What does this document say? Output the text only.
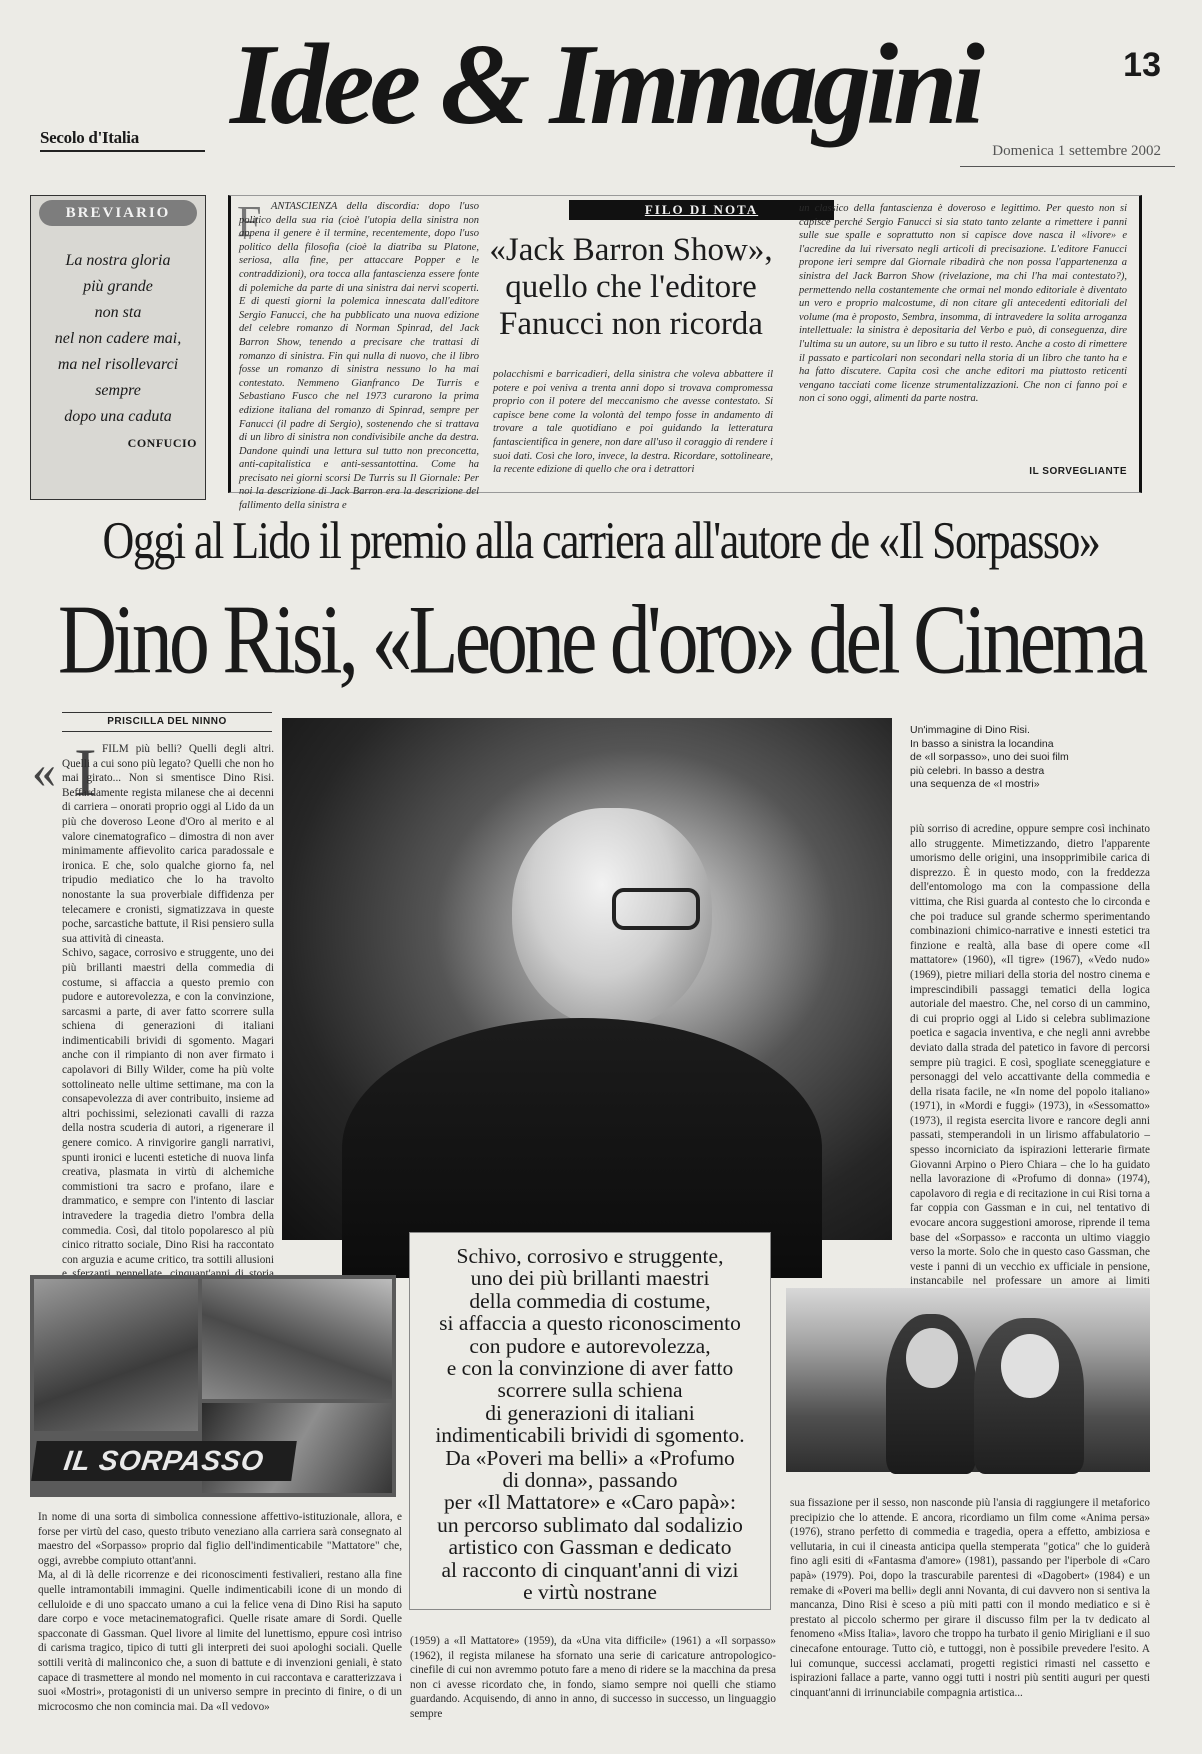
Secolo d'Italia Idee & Immagini	13
Domenica 1 settembre 2002
BREVIARIO
La nostra gloria
più grande
non sta
nel non cadere mai,
ma nel risollevarci
sempre
dopo una caduta
CONFUCIO
F ANTASCIENZA della discordia: dopo l'uso politico della sua ria (cioè l'utopia della sinistra non appena il genere è il termine, recentemente, dopo l'uso politico della filosofia (cioè la diatriba su Platone, seriosa, alla fine, per attaccare Popper e le contraddizioni), ora tocca alla fantascienza essere fonte di polemiche da parte di una sinistra dai nervi scoperti. E di questi giorni la polemica innescata dall'editore Sergio Fanucci, che ha pubblicato una nuova edizione del celebre romanzo di Norman Spinrad, del Jack Barron Show, tenendo a precisare che trattasi di romanzo di sinistra. Fin qui nulla di nuovo, che il libro fosse un romanzo di sinistra nessuno lo ha mai contestato. Nemmeno Gianfranco De Turris e Sebastiano Fusco che nel 1973 curarono la prima edizione italiana del romanzo di Spinrad, sempre per Fanucci (il padre di Sergio), sostenendo che si trattava di un libro di sinistra non condivisibile anche da destra. Dandone quindi una lettura sul tutto non preconcetta, anti-capitalistica e anti-sessantottina. Come ha precisato nei giorni scorsi De Turris su Il Giornale: Per noi la descrizione di Jack Barron era la descrizione del fallimento della sinistra e
FILO DI NOTA
«Jack Barron Show»,
quello che l'editore
Fanucci non ricorda
polacchismi e barricadieri, della sinistra che voleva abbattere il potere e poi veniva a trenta anni dopo si trovava compromessa proprio con il potere del meccanismo che avesse contestato. Si capisce bene come la volontà del tempo fosse in andamento di trovare a tale quotidiano e poi guidando la letteratura fantascientifica in genere, non dare all'uso il coraggio di rendere i suoi dati. Così che loro, invece, la destra. Ricordare, sottolineare, la recente edizione di quello che ora i detrattori
un classico della fantascienza è doveroso e legittimo. Per questo non si capisce perché Sergio Fanucci si sia stato tanto zelante a rimettere i panni sulle sue spalle e soprattutto non si capisce dove nasca il «livore» e l'acredine da lui riversato negli articoli di precisazione. L'editore Fanucci propone ieri sempre dal Giornale ribadirà che non possa l'appartenenza a sinistra del Jack Barron Show (rivelazione, ma chi l'ha mai contestato?), permettendo nella costantemente che ormai nel mondo editoriale è diventato un vero e proprio malcostume, di non citare gli antecedenti editoriali del volume (ma è proposto, Sembra, insomma, di intravedere la solita arroganza intellettuale: la sinistra è depositaria del Verbo e può, di conseguenza, dire l'ultima su un autore, su un libro e su tutto il resto. Anche a costo di rimettere il passato e particolari non secondari nella storia di un libro che tanto ha e ha fatto discutere. Capita così che anche editori ma piuttosto reticenti vengano tacciati come licenze strumentalizzazioni. Che non ci fanno poi e non ci sono oggi, alimenti da parte nostra.
IL SORVEGLIANTE
Oggi al Lido il premio alla carriera all'autore de «Il Sorpasso»
Dino Risi, «Leone d'oro» del Cinema
PRISCILLA DEL NINNO
« I FILM più belli? Quelli degli altri. Quelli a cui sono più legato? Quelli che non ho mai girato... Non si smentisce Dino Risi. Beffardamente regista milanese che ai decenni di carriera – onorati proprio oggi al Lido da un più che doveroso Leone d'Oro al merito e al valore cinematografico – dimostra di non aver minimamente affievolito carica paradossale e ironica. E che, solo qualche giorno fa, nel tripudio mediatico che lo ha travolto nonostante la sua proverbiale diffidenza per telecamere e cronisti, sigmatizzava in queste poche, sarcastiche battute, il Risi pensiero sulla sua attività di cineasta.
Schivo, sagace, corrosivo e struggente, uno dei più brillanti maestri della commedia di costume, si affaccia a questo premio con pudore e autorevolezza, e con la convinzione, sarcasmi a parte, di aver fatto scorrere sulla schiena di generazioni di italiani indimenticabili brividi di sgomento. Magari anche con il rimpianto di non aver firmato i capolavori di Billy Wilder, come ha più volte sottolineato nelle ultime settimane, ma con la consapevolezza di aver contribuito, insieme ad altri pochissimi, selezionati cavalli di razza della nostra scuderia di autori, a rigenerare il genere comico. A rinvigorire gangli narrativi, spunti ironici e lucenti estetiche di nuova linfa creativa, plasmata in virtù di alchemiche commistioni tra sacro e profano, ilare e drammatico, e sempre con l'intento di lasciar intravedere la tragedia dietro l'ombra della commedia. Così, dal titolo popolaresco al più cinico ritratto sociale, Dino Risi ha raccontato con arguzia e acume critico, tra sottili allusioni	Schivo, corrosivo e struggente,
uno dei più brillanti maestri
della commedia di costume,
si affaccia a questo riconoscimento
con pudore e autorevolezza,
e con la convinzione di aver fatto
scorrere sulla schiena
di generazioni di italiani
indimenticabili brividi di sgomento.
Da «Poveri ma belli» a «Profumo
di donna», passando
per «Il Mattatore» e «Caro papà»:
un percorso sublimato dal sodalizio
artistico con Gassman e dedicato
al racconto di cinquant'anni di vizi
e virtù nostrane
Un'immagine di Dino Risi.
In basso a sinistra la locandina
de «Il sorpasso», uno dei suoi film
più celebri. In basso a destra
una sequenza de «I mostri»
più sorriso di acredine, oppure sempre così inchinato allo struggente. Mimetizzando, dietro l'apparente umorismo delle origini, una insopprimibile carica di disprezzo. È in questo modo, con la freddezza dell'entomologo ma con la compassione della vittima, che Risi guarda al contesto che lo circonda e che poi traduce sul grande schermo sperimentando combinazioni chimico-narrative e innesti estetici tra finzione e realtà, alla base di opere come «Il mattatore» (1960), «Il tigre» (1967), «Vedo nudo» (1969), pietre miliari della storia del nostro cinema e imprescindibili passaggi tematici della logica autoriale del maestro. Che, nel corso di un cammino, di cui proprio oggi al Lido si celebra sublimazione poetica e sagacia inventiva, e che negli anni avrebbe deviato dalla strada del patetico in favore di percorsi sempre più tragici. E così, spogliate sceneggiature e personaggi del velo accattivante della commedia e della risata facile, ne «In nome del popolo italiano» (1971), in «Mordi e fuggi» (1973), in «Sessomatto» (1973), il regista esercita livore e rancore degli anni passati, stemperandoli in un lirismo affabulatorio – spesso incorniciato da ispirazioni letterarie firmate Giovanni Arpino o Piero Chiara – che lo ha guidato nella lavorazione di «Profumo di donna» (1974), capolavoro di regia e di recitazione in cui Risi torna a far coppia con Gassman e in cui, nel tentativo di evocare ancora suggestioni amorose, riprende il tema base del «Sorpasso» e racconta un ultimo viaggio verso la morte. Solo che in questo caso Gassman, che veste i panni di un vecchio ex ufficiale in pensione, instancabile nel professare un amore ai limiti
IL SORPASSO
In nome di una sorta di simbolica connessione affettivo-istituzionale, allora, e forse per virtù del caso, questo tributo veneziano alla carriera sarà consegnato al maestro del «Sorpasso» proprio dal figlio dell'indimenticabile "Mattatore" che, oggi, avrebbe compiuto ottant'anni.
Ma, al di là delle ricorrenze e dei riconoscimenti festivalieri, restano alla fine quelle intramontabili immagini. Quelle indimenticabili icone di un mondo di celluloide e di uno spaccato umano a cui la felice vena di Dino Risi ha saputo dare corpo e voce metacinematografici. Quelle risate amare di Sordi. Quelle spacconate di Gassman. Quel livore al limite del lunettismo, eppure così intriso di carisma tragico, tipico di tutti gli interpreti dei suoi apologhi sociali. Quelle sottili verità di malinconico che, a suon di battute e di invenzioni geniali, è stato capace di trasmettere al mondo nel momento in cui raccontava e caratterizzava i suoi «Mostri», protagonisti di un universo sempre in precinto di finire, o di un microcosmo che non comincia mai. Da «Il vedovo»
(1959) a «Il Mattatore» (1959), da «Una vita difficile» (1961) a «Il sorpasso» (1962), il regista milanese ha sfornato una serie di caricature antropologico-cinefile di cui non avremmo potuto fare a meno di ridere se la macchina da presa non ci avesse ricordato che, in fondo, siamo sempre noi quelli che stiamo guardando. Acquisendo, di anno in anno, di successo in successo, un linguaggio sempre
sua fissazione per il sesso, non nasconde più l'ansia di raggiungere il metaforico precipizio che lo attende. E ancora, ricordiamo un film come «Anima persa» (1976), strano perfetto di commedia e tragedia, opera a effetto, ambiziosa e vellutaria, in cui il cineasta anticipa quella stemperata "gotica" che lo guiderà fino agli esiti di «Fantasma d'amore» (1981), passando per l'iperbole di «Caro papà» (1979). Poi, dopo la trascurabile parentesi di «Dagobert» (1984) e un remake di «Poveri ma belli» degli anni Novanta, di cui davvero non si sentiva la mancanza, Dino Risi è sceso a più miti patti con il mondo mediatico e si è prestato al piccolo schermo per girare il discusso film per la tv dedicato al fenomeno «Miss Italia», lavoro che troppo ha turbato il genio Mirigliani e il suo cinecafone entourage. Tutto ciò, e tuttoggi, non è possibile prevedere l'esito. A lui comunque, successi acclamati, progetti registici rimasti nel cassetto e ispirazioni fallace a parte, vanno oggi tutti i nostri più sentiti auguri per questi cinquant'anni di irrinunciabile compagnia artistica...
